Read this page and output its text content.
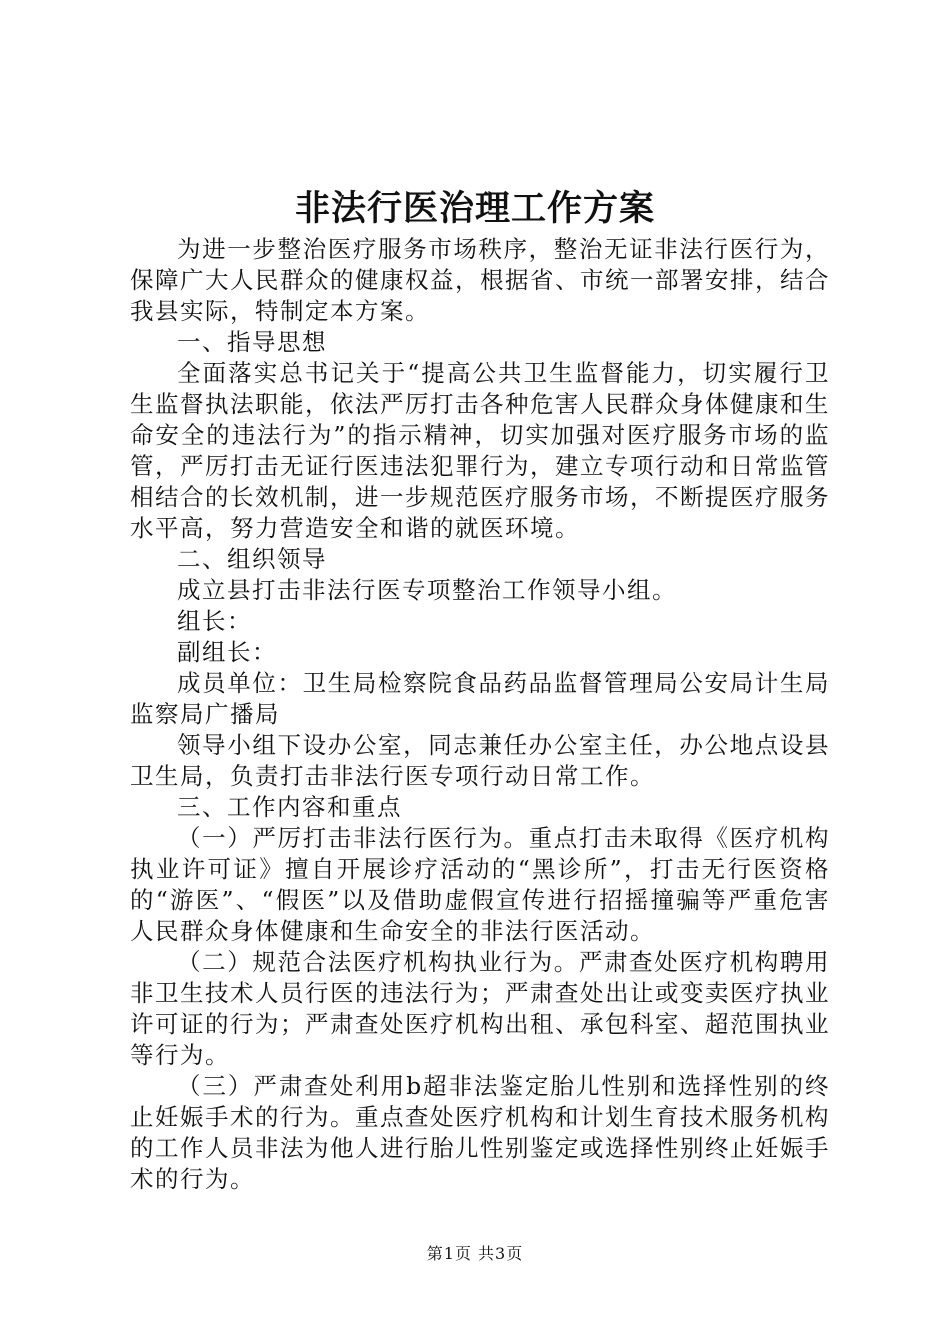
非法行医治理工作方案

为进一步整治医疗服务市场秩序，整治无证非法行医行为，保障广大人民群众的健康权益，根据省、市统一部署安排，结合我县实际，特制定本方案。

一、指导思想

全面落实总书记关于“提高公共卫生监督能力，切实履行卫生监督执法职能，依法严厉打击各种危害人民群众身体健康和生命安全的违法行为”的指示精神，切实加强对医疗服务市场的监管，严厉打击无证行医违法犯罪行为，建立专项行动和日常监管相结合的长效机制，进一步规范医疗服务市场，不断提医疗服务水平高，努力营造安全和谐的就医环境。

二、组织领导

成立县打击非法行医专项整治工作领导小组。

组长：

副组长：

成员单位：卫生局检察院食品药品监督管理局公安局计生局监察局广播局

领导小组下设办公室，同志兼任办公室主任，办公地点设县卫生局，负责打击非法行医专项行动日常工作。

三、工作内容和重点

（一）严厉打击非法行医行为。重点打击未取得《医疗机构执业许可证》擅自开展诊疗活动的“黑诊所”，打击无行医资格的“游医”、“假医”以及借助虚假宣传进行招摇撞骗等严重危害人民群众身体健康和生命安全的非法行医活动。

（二）规范合法医疗机构执业行为。严肃查处医疗机构聘用非卫生技术人员行医的违法行为；严肃查处出让或变卖医疗执业许可证的行为；严肃查处医疗机构出租、承包科室、超范围执业等行为。

（三）严肃查处利用b超非法鉴定胎儿性别和选择性别的终止妊娠手术的行为。重点查处医疗机构和计划生育技术服务机构的工作人员非法为他人进行胎儿性别鉴定或选择性别终止妊娠手术的行为。

第1页 共3页
